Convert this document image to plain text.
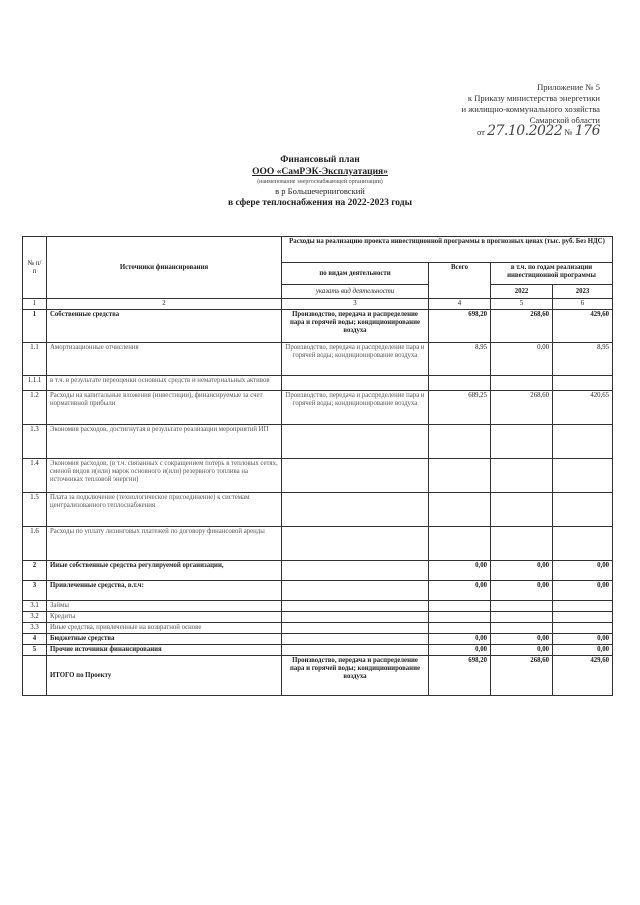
Приложение № 5
к Приказу министерства энергетики
и жилищно-коммунального хозяйства
Самарской области
от 27.10.2022 № 176
Финансовый план
ООО «СамРЭК-Эксплуатация»
(наименование энергоснабжающей организации)
в р Большечерниговский
в сфере теплоснабжения на 2022-2023 годы
№ п/п	Источники финансирования	Расходы на реализацию проекта инвестиционной программы в прогнозных ценах (тыс. руб. Без НДС)			
		по видам деятельности	Всего	в т.ч. по годам реализации инвестиционной программы	
		указать вид деятельности		2022	2023
1	2	3	4	5	6
1	Собственные средства	Производство, передача и распределение пара и горячей воды; кондиционирование воздуха	698,20	268,60	429,60
1.1	Амортизационные отчисления	Производство, передача и распределение пара и горячей воды; кондиционирование воздуха	8,95	0,00	8,95
1.1.1	в т.ч. в результате переоценки основных средств и нематериальных активов				
1.2	Расходы на капитальные вложения (инвестиции), финансируемые за счет нормативной прибыли	Производство, передача и распределение пара и горячей воды; кондиционирование воздуха	689,25	268,60	420,65
1.3	Экономия расходов, достигнутая в результате реализации мероприятий ИП				
1.4	Экономия расходов, (в т.ч. связанных с сокращением потерь в тепловых сетях, сменой видов и(или) марок основного и(или) резервного топлива на источниках тепловой энергии)				
1.5	Плата за подключение (технологическое присоединение) к системам централизованного теплоснабжения				
1.6	Расходы по уплату лизинговых платежей по договору финансовой аренды				
2	Иные собственные средства регулируемой организации,		0,00	0,00	0,00
3	Привлеченные средства, в.т.ч:		0,00	0,00	0,00
3.1	Займы				
3.2	Кредиты				
3.3	Иные средства, привлеченные на возвратной основе				
4	Бюджетные средства		0,00	0,00	0,00
5	Прочие источники финансирования		0,00	0,00	0,00
	ИТОГО по Проекту	Производство, передача и распределение пара и горячей воды; кондиционирование воздуха	698,20	268,60	429,60
